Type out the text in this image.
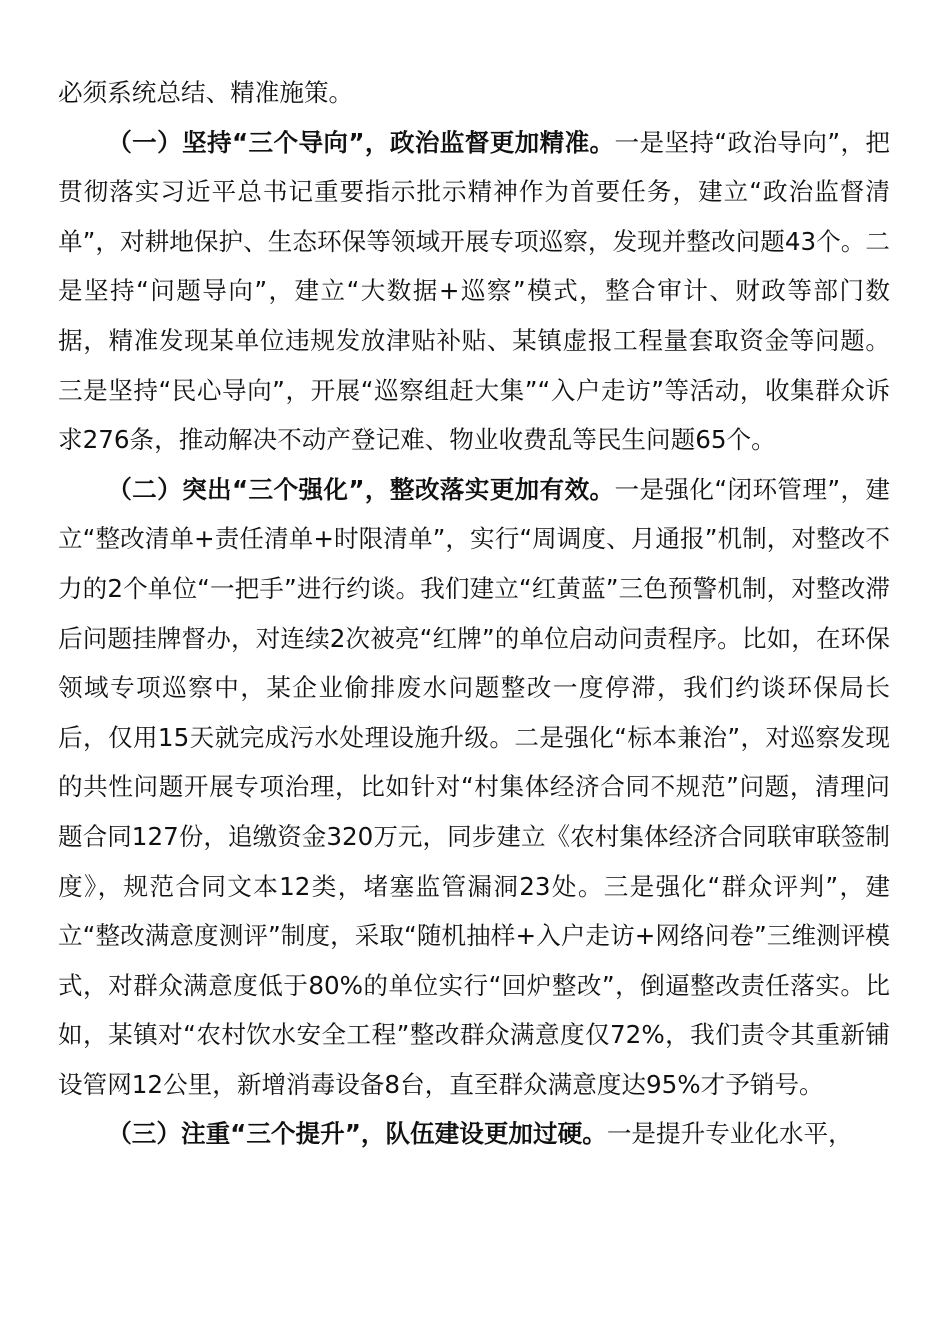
必须系统总结、精准施策。

（一）坚持“三个导向”，政治监督更加精准。一是坚持“政治导向”，把贯彻落实习近平总书记重要指示批示精神作为首要任务，建立“政治监督清单”，对耕地保护、生态环保等领域开展专项巡察，发现并整改问题43个。二是坚持“问题导向”，建立“大数据+巡察”模式，整合审计、财政等部门数据，精准发现某单位违规发放津贴补贴、某镇虚报工程量套取资金等问题。三是坚持“民心导向”，开展“巡察组赶大集”“入户走访”等活动，收集群众诉求276条，推动解决不动产登记难、物业收费乱等民生问题65个。

（二）突出“三个强化”，整改落实更加有效。一是强化“闭环管理”，建立“整改清单+责任清单+时限清单”，实行“周调度、月通报”机制，对整改不力的2个单位“一把手”进行约谈。我们建立“红黄蓝”三色预警机制，对整改滞后问题挂牌督办，对连续2次被亮“红牌”的单位启动问责程序。比如，在环保领域专项巡察中，某企业偷排废水问题整改一度停滞，我们约谈环保局长后，仅用15天就完成污水处理设施升级。二是强化“标本兼治”，对巡察发现的共性问题开展专项治理，比如针对“村集体经济合同不规范”问题，清理问题合同127份，追缴资金320万元，同步建立《农村集体经济合同联审联签制度》，规范合同文本12类，堵塞监管漏洞23处。三是强化“群众评判”，建立“整改满意度测评”制度，采取“随机抽样+入户走访+网络问卷”三维测评模式，对群众满意度低于80%的单位实行“回炉整改”，倒逼整改责任落实。比如，某镇对“农村饮水安全工程”整改群众满意度仅72%，我们责令其重新铺设管网12公里，新增消毒设备8台，直至群众满意度达95%才予销号。

（三）注重“三个提升”，队伍建设更加过硬。一是提升专业化水平，
